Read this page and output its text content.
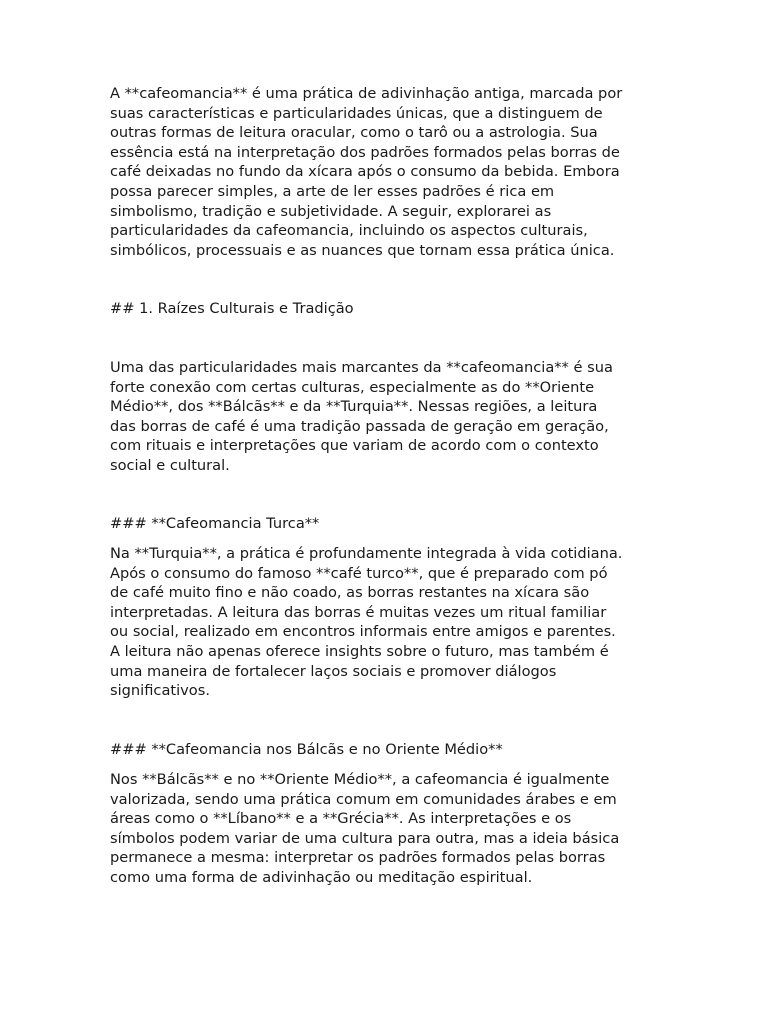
A **cafeomancia** é uma prática de adivinhação antiga, marcada por
suas características e particularidades únicas, que a distinguem de
outras formas de leitura oracular, como o tarô ou a astrologia. Sua
essência está na interpretação dos padrões formados pelas borras de
café deixadas no fundo da xícara após o consumo da bebida. Embora
possa parecer simples, a arte de ler esses padrões é rica em
simbolismo, tradição e subjetividade. A seguir, explorarei as
particularidades da cafeomancia, incluindo os aspectos culturais,
simbólicos, processuais e as nuances que tornam essa prática única.

## 1. Raízes Culturais e Tradição

Uma das particularidades mais marcantes da **cafeomancia** é sua
forte conexão com certas culturas, especialmente as do **Oriente
Médio**, dos **Bálcãs** e da **Turquia**. Nessas regiões, a leitura
das borras de café é uma tradição passada de geração em geração,
com rituais e interpretações que variam de acordo com o contexto
social e cultural.

### **Cafeomancia Turca**

Na **Turquia**, a prática é profundamente integrada à vida cotidiana.
Após o consumo do famoso **café turco**, que é preparado com pó
de café muito fino e não coado, as borras restantes na xícara são
interpretadas. A leitura das borras é muitas vezes um ritual familiar
ou social, realizado em encontros informais entre amigos e parentes.
A leitura não apenas oferece insights sobre o futuro, mas também é
uma maneira de fortalecer laços sociais e promover diálogos
significativos.

### **Cafeomancia nos Bálcãs e no Oriente Médio**

Nos **Bálcãs** e no **Oriente Médio**, a cafeomancia é igualmente
valorizada, sendo uma prática comum em comunidades árabes e em
áreas como o **Líbano** e a **Grécia**. As interpretações e os
símbolos podem variar de uma cultura para outra, mas a ideia básica
permanece a mesma: interpretar os padrões formados pelas borras
como uma forma de adivinhação ou meditação espiritual.
